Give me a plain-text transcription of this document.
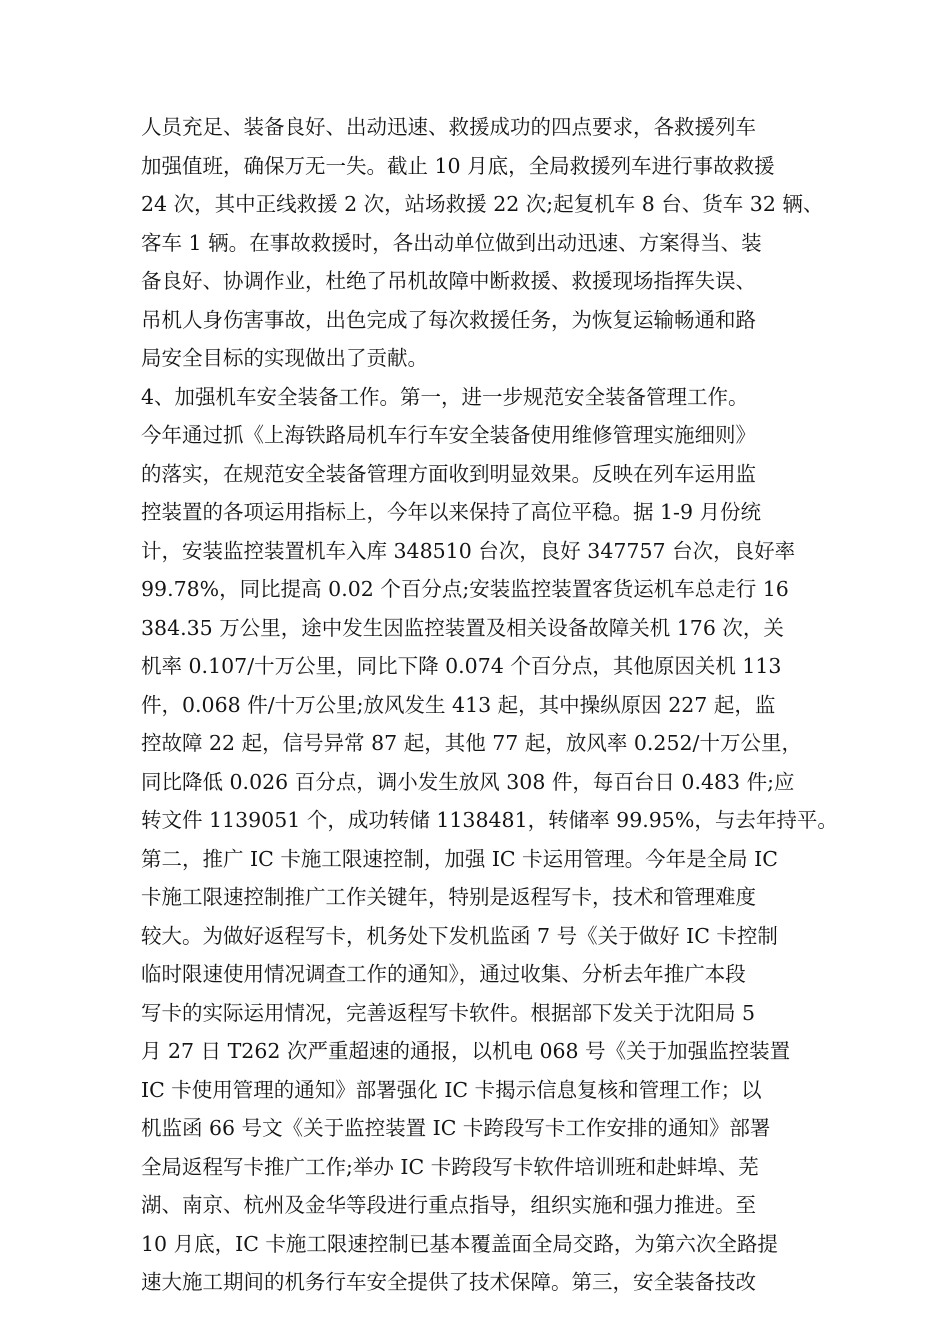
人员充足、装备良好、出动迅速、救援成功的四点要求，各救援列车
加强值班，确保万无一失。截止 10 月底，全局救援列车进行事故救援
24 次，其中正线救援 2 次，站场救援 22 次;起复机车 8 台、货车 32 辆、
客车 1 辆。在事故救援时，各出动单位做到出动迅速、方案得当、装
备良好、协调作业，杜绝了吊机故障中断救援、救援现场指挥失误、
吊机人身伤害事故，出色完成了每次救援任务，为恢复运输畅通和路
局安全目标的实现做出了贡献。
4、加强机车安全装备工作。第一，进一步规范安全装备管理工作。
今年通过抓《上海铁路局机车行车安全装备使用维修管理实施细则》
的落实，在规范安全装备管理方面收到明显效果。反映在列车运用监
控装置的各项运用指标上，今年以来保持了高位平稳。据 1-9 月份统
计，安装监控装置机车入库 348510 台次，良好 347757 台次，良好率
99.78%，同比提高 0.02 个百分点;安装监控装置客货运机车总走行 16
384.35 万公里，途中发生因监控装置及相关设备故障关机 176 次，关
机率 0.107/十万公里，同比下降 0.074 个百分点，其他原因关机 113
件，0.068 件/十万公里;放风发生 413 起，其中操纵原因 227 起，监
控故障 22 起，信号异常 87 起，其他 77 起，放风率 0.252/十万公里，
同比降低 0.026 百分点，调小发生放风 308 件，每百台日 0.483 件;应
转文件 1139051 个，成功转储 1138481，转储率 99.95%，与去年持平。
第二，推广 IC 卡施工限速控制，加强 IC 卡运用管理。今年是全局 IC
卡施工限速控制推广工作关键年，特别是返程写卡，技术和管理难度
较大。为做好返程写卡，机务处下发机监函 7 号《关于做好 IC 卡控制
临时限速使用情况调查工作的通知》，通过收集、分析去年推广本段
写卡的实际运用情况，完善返程写卡软件。根据部下发关于沈阳局 5
月 27 日 T262 次严重超速的通报，以机电 068 号《关于加强监控装置
IC 卡使用管理的通知》部署强化 IC 卡揭示信息复核和管理工作；以
机监函 66 号文《关于监控装置 IC 卡跨段写卡工作安排的通知》部署
全局返程写卡推广工作;举办 IC 卡跨段写卡软件培训班和赴蚌埠、芜
湖、南京、杭州及金华等段进行重点指导，组织实施和强力推进。至
10 月底，IC 卡施工限速控制已基本覆盖面全局交路，为第六次全路提
速大施工期间的机务行车安全提供了技术保障。第三，安全装备技改
